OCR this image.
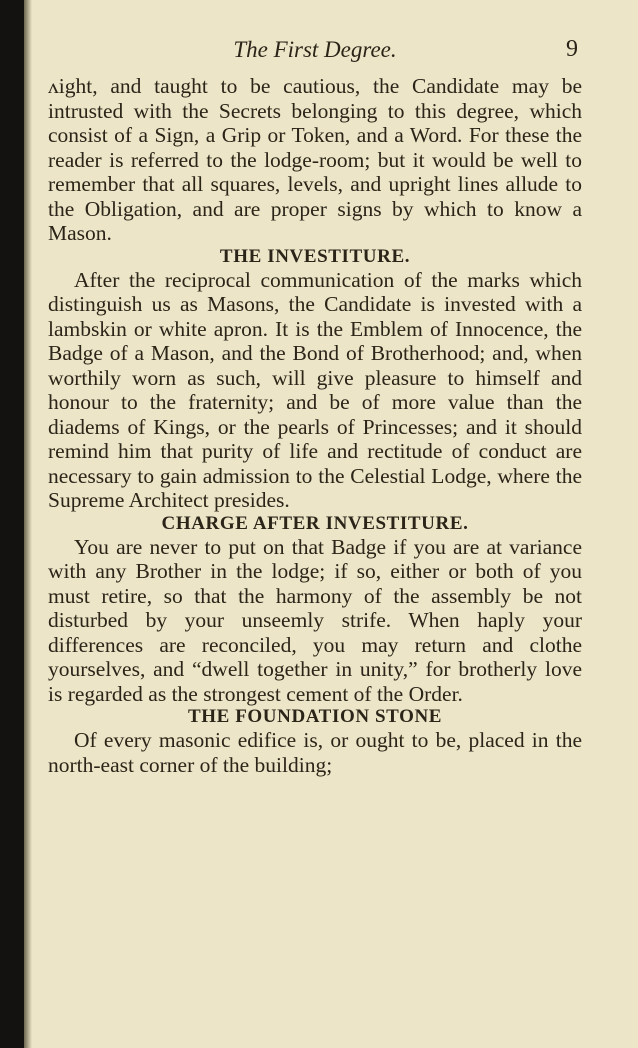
The First Degree.	9

ʌight, and taught to be cautious, the Candidate may be intrusted with the Secrets belonging to this degree, which consist of a Sign, a Grip or Token, and a Word. For these the reader is referred to the lodge-room; but it would be well to remember that all squares, levels, and upright lines allude to the Obligation, and are proper signs by which to know a Mason.

THE INVESTITURE.

After the reciprocal communication of the marks which distinguish us as Masons, the Candidate is invested with a lambskin or white apron. It is the Emblem of Innocence, the Badge of a Mason, and the Bond of Brotherhood; and, when worthily worn as such, will give pleasure to himself and honour to the fraternity; and be of more value than the diadems of Kings, or the pearls of Princesses; and it should remind him that purity of life and rectitude of conduct are necessary to gain admission to the Celestial Lodge, where the Supreme Architect presides.

CHARGE AFTER INVESTITURE.

You are never to put on that Badge if you are at variance with any Brother in the lodge; if so, either or both of you must retire, so that the harmony of the assembly be not disturbed by your unseemly strife. When haply your differences are reconciled, you may return and clothe yourselves, and “dwell together in unity,” for brotherly love is regarded as the strongest cement of the Order.

THE FOUNDATION STONE

Of every masonic edifice is, or ought to be, placed in the north-east corner of the building;
